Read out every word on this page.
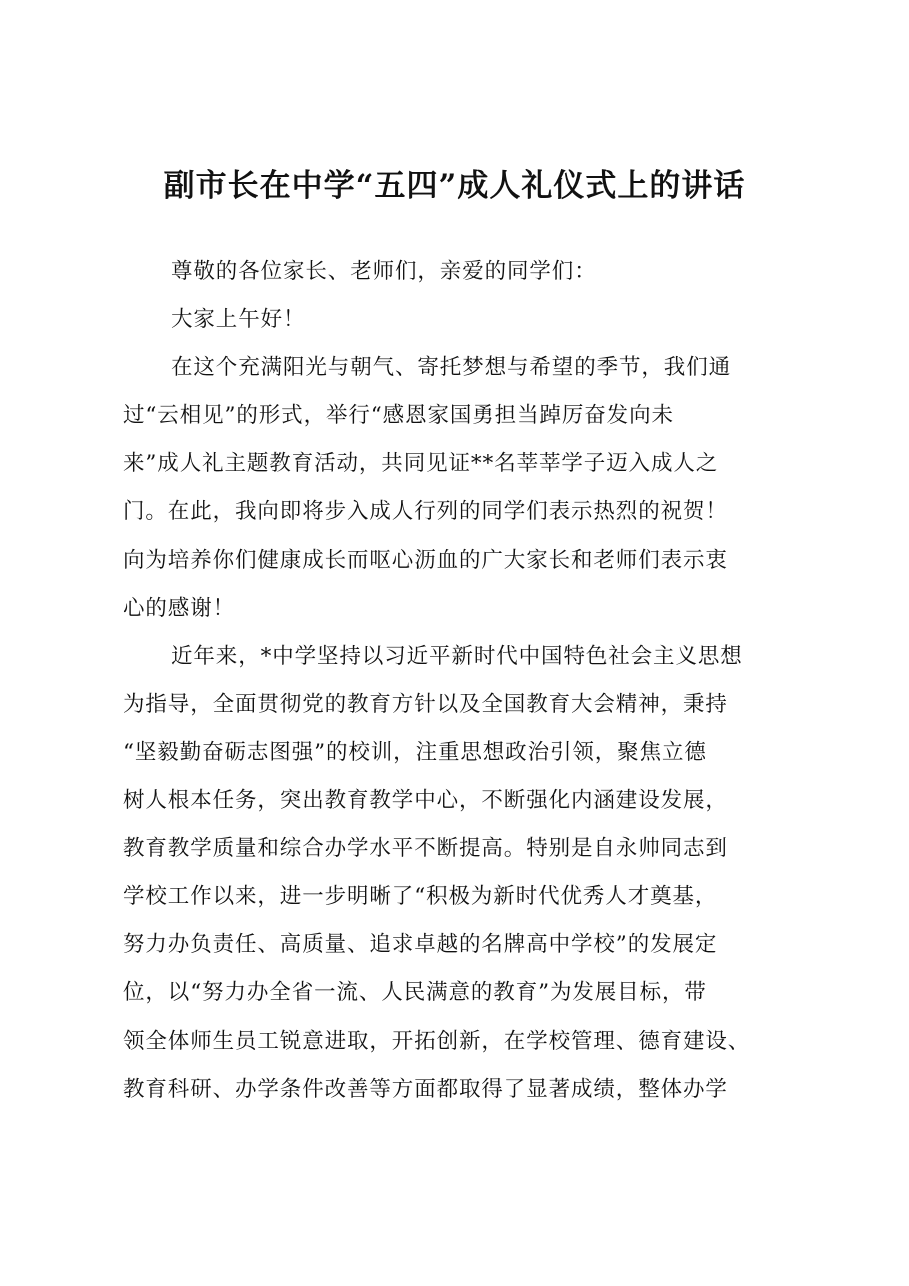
副市长在中学“五四”成人礼仪式上的讲话

尊敬的各位家长、老师们，亲爱的同学们：

大家上午好！

在这个充满阳光与朝气、寄托梦想与希望的季节，我们通
过“云相见”的形式，举行“感恩家国勇担当踔厉奋发向未
来”成人礼主题教育活动，共同见证**名莘莘学子迈入成人之
门。在此，我向即将步入成人行列的同学们表示热烈的祝贺！
向为培养你们健康成长而呕心沥血的广大家长和老师们表示衷
心的感谢！

近年来，*中学坚持以习近平新时代中国特色社会主义思想
为指导，全面贯彻党的教育方针以及全国教育大会精神，秉持
“坚毅勤奋砺志图强”的校训，注重思想政治引领，聚焦立德
树人根本任务，突出教育教学中心，不断强化内涵建设发展，
教育教学质量和综合办学水平不断提高。特别是自永帅同志到
学校工作以来，进一步明晰了“积极为新时代优秀人才奠基，
努力办负责任、高质量、追求卓越的名牌高中学校”的发展定
位，以“努力办全省一流、人民满意的教育”为发展目标，带
领全体师生员工锐意进取，开拓创新，在学校管理、德育建设、
教育科研、办学条件改善等方面都取得了显著成绩，整体办学
